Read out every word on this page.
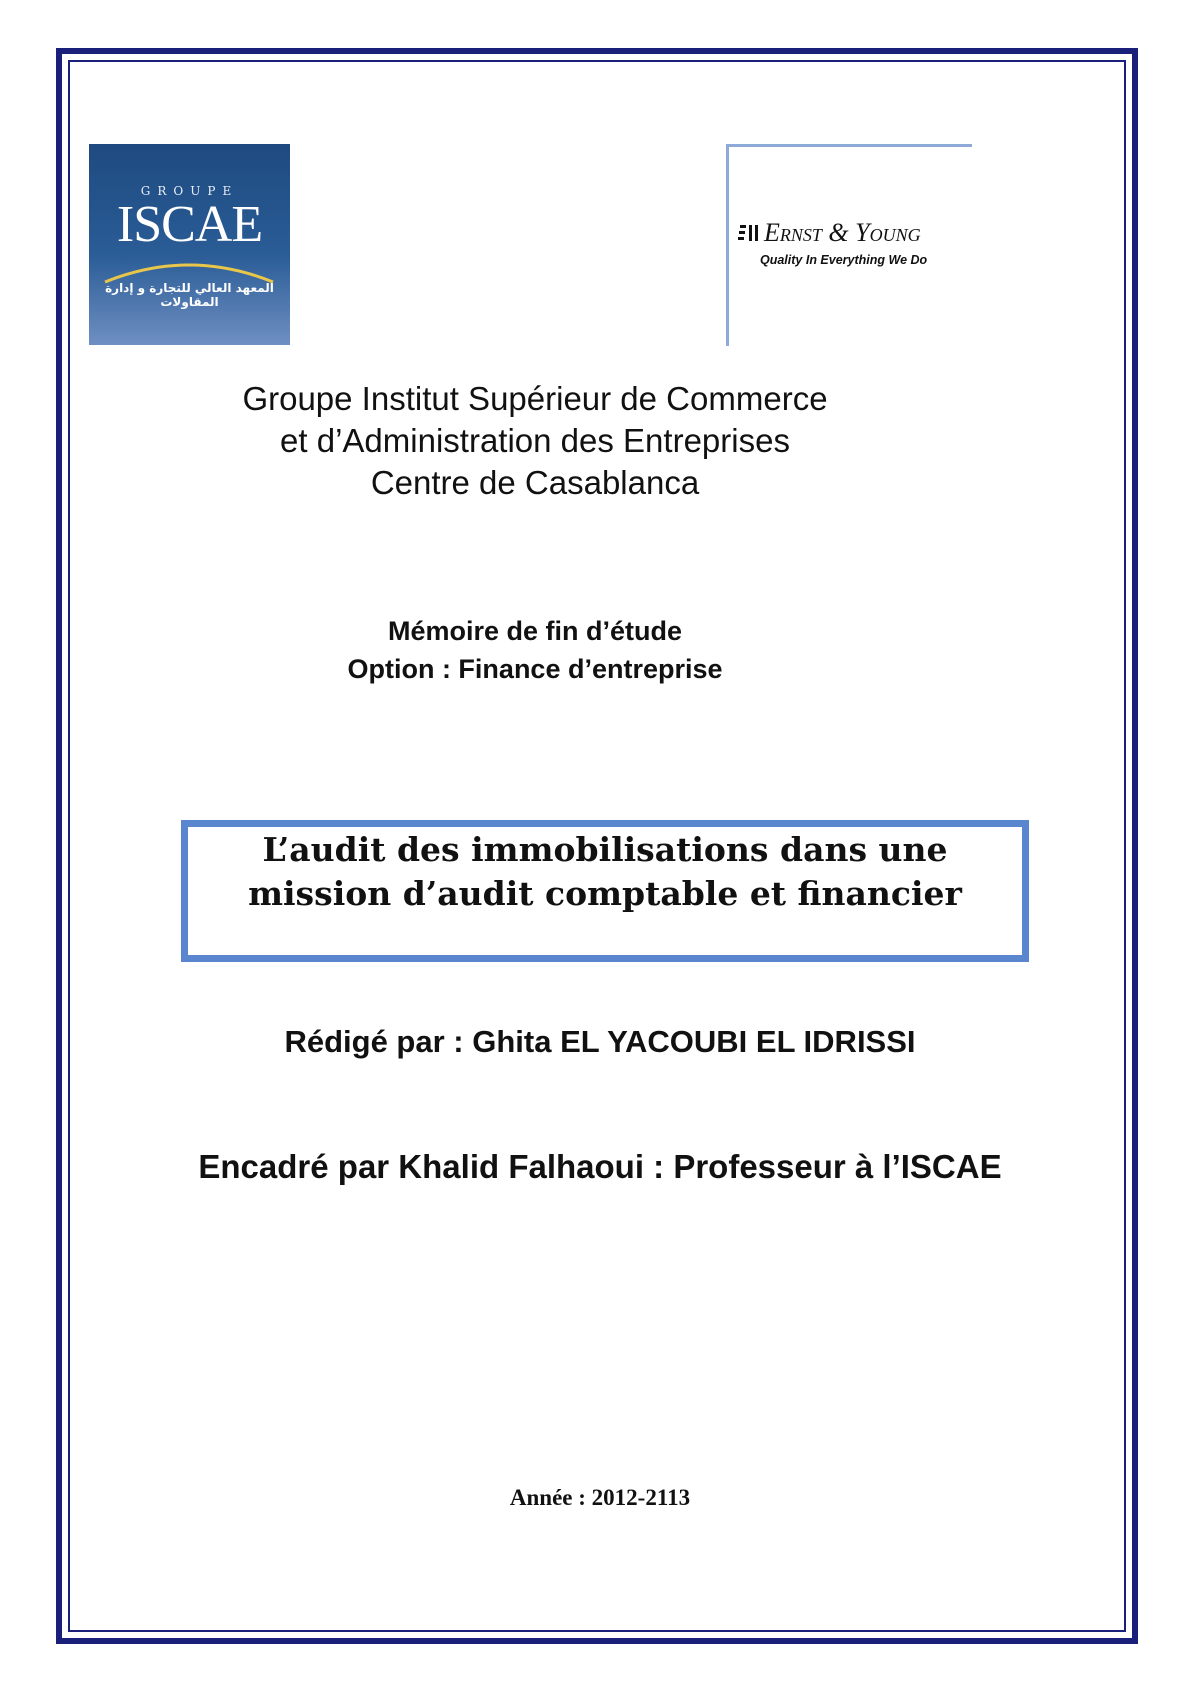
GROUPE
ISCAE
المعهد العالي للتجارة و إدارة المقاولات
Ernst & Young
Quality In Everything We Do
Groupe Institut Supérieur de Commerce
et d’Administration des Entreprises
Centre de Casablanca
Mémoire de fin d’étude
Option : Finance d’entreprise
L’audit des immobilisations dans une
mission d’audit comptable et financier
Rédigé par : Ghita EL YACOUBI EL IDRISSI
Encadré par Khalid Falhaoui : Professeur à l’ISCAE
Année : 2012-2113
